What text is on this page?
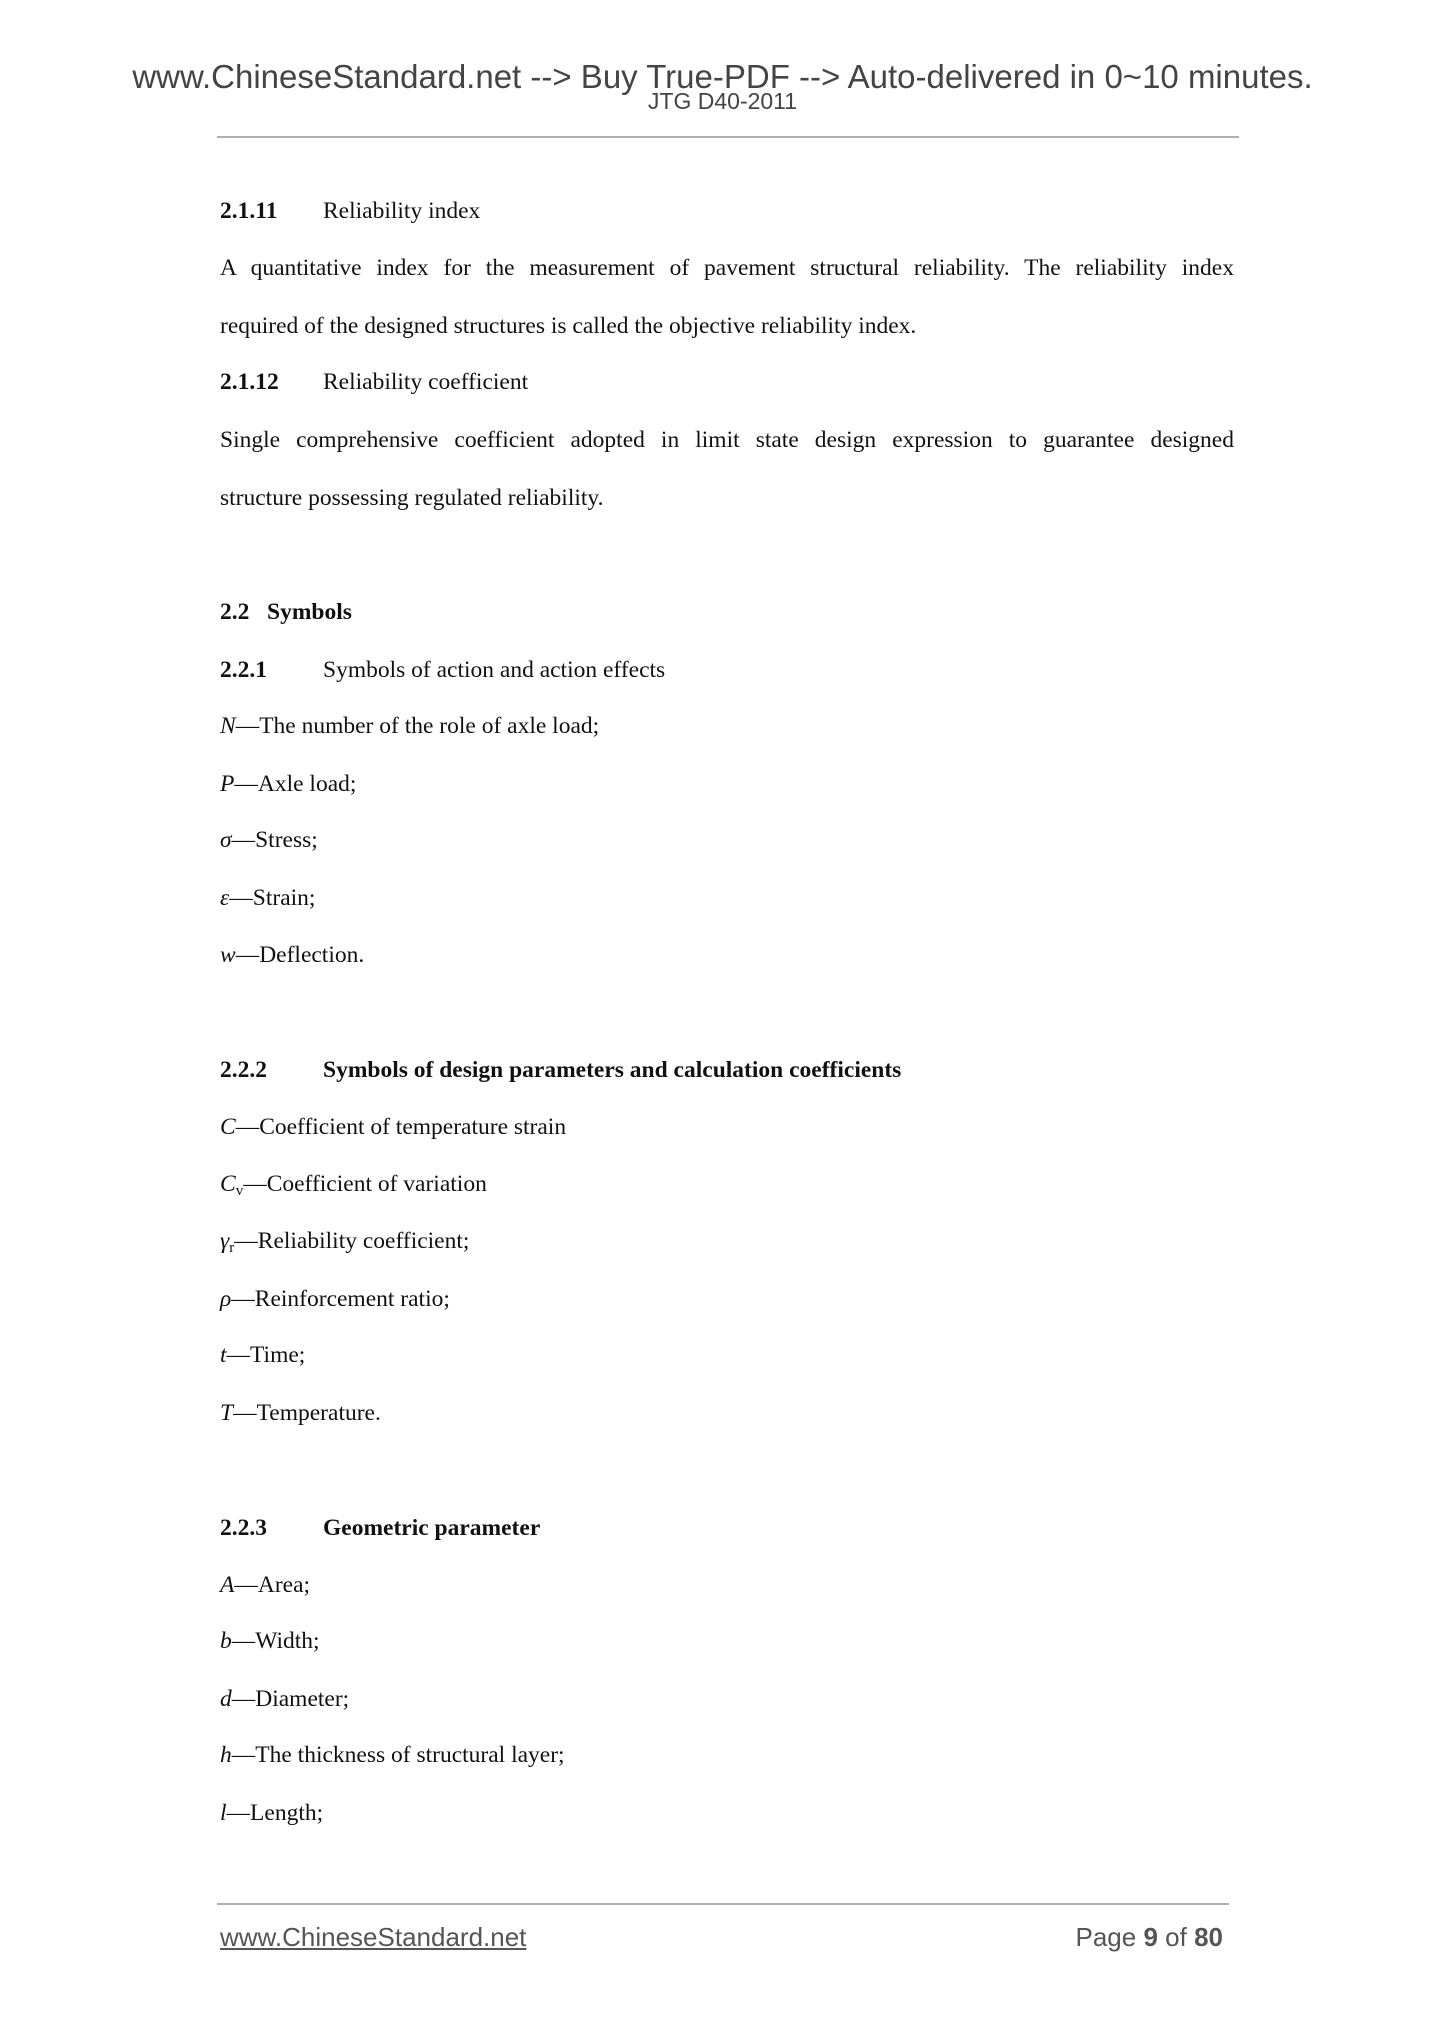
www.ChineseStandard.net --> Buy True-PDF --> Auto-delivered in 0~10 minutes.
JTG D40-2011
2.1.11 Reliability index
A quantitative index for the measurement of pavement structural reliability. The reliability index
required of the designed structures is called the objective reliability index.
2.1.12 Reliability coefficient
Single comprehensive coefficient adopted in limit state design expression to guarantee designed
structure possessing regulated reliability.
2.2 Symbols
2.2.1 Symbols of action and action effects
N—The number of the role of axle load;
P—Axle load;
σ—Stress;
ε—Strain;
w—Deflection.
2.2.2 Symbols of design parameters and calculation coefficients
C—Coefficient of temperature strain
$C_v—Coefficient$ of variation
$\gamma_r—Reliability$ coefficient;
ρ—Reinforcement ratio;
t—Time;
T—Temperature.
2.2.3 Geometric parameter
A—Area;
b—Width;
d—Diameter;
h—The thickness of structural layer;
l—Length;
www.ChineseStandard.net	Page 9 of 80
